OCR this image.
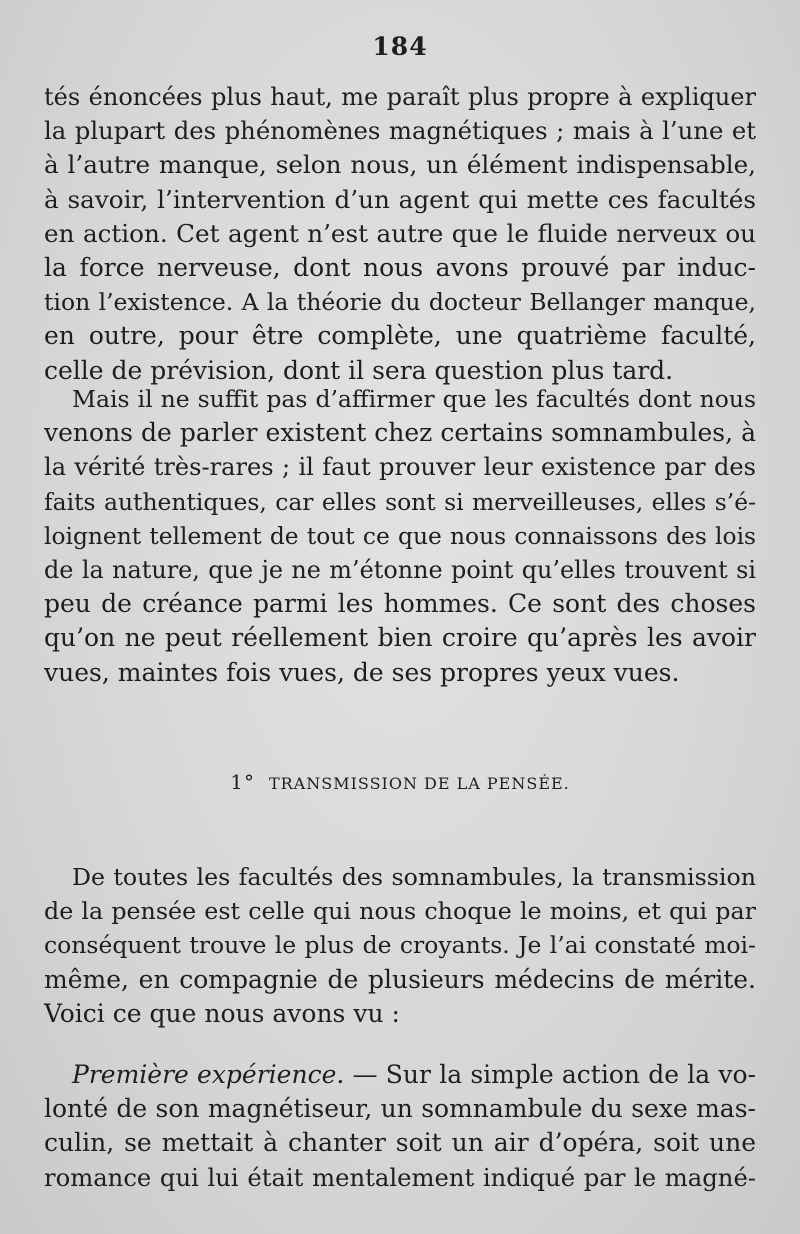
184
tés énoncées plus haut, me paraît plus propre à expliquer
la plupart des phénomènes magnétiques ; mais à l’une et
à l’autre manque, selon nous, un élément indispensable,
à savoir, l’intervention d’un agent qui mette ces facultés
en action. Cet agent n’est autre que le fluide nerveux ou
la force nerveuse, dont nous avons prouvé par induc-
tion l’existence. A la théorie du docteur Bellanger manque,
en outre, pour être complète, une quatrième faculté,
celle de prévision, dont il sera question plus tard.
Mais il ne suffit pas d’affirmer que les facultés dont nous
venons de parler existent chez certains somnambules, à
la vérité très-rares ; il faut prouver leur existence par des
faits authentiques, car elles sont si merveilleuses, elles s’é-
loignent tellement de tout ce que nous connaissons des lois
de la nature, que je ne m’étonne point qu’elles trouvent si
peu de créance parmi les hommes. Ce sont des choses
qu’on ne peut réellement bien croire qu’après les avoir
vues, maintes fois vues, de ses propres yeux vues.
1° TRANSMISSION DE LA PENSÉE.
De toutes les facultés des somnambules, la transmission
de la pensée est celle qui nous choque le moins, et qui par
conséquent trouve le plus de croyants. Je l’ai constaté moi-
même, en compagnie de plusieurs médecins de mérite.
Voici ce que nous avons vu :
Première expérience. — Sur la simple action de la vo-
lonté de son magnétiseur, un somnambule du sexe mas-
culin, se mettait à chanter soit un air d’opéra, soit une
romance qui lui était mentalement indiqué par le magné-
